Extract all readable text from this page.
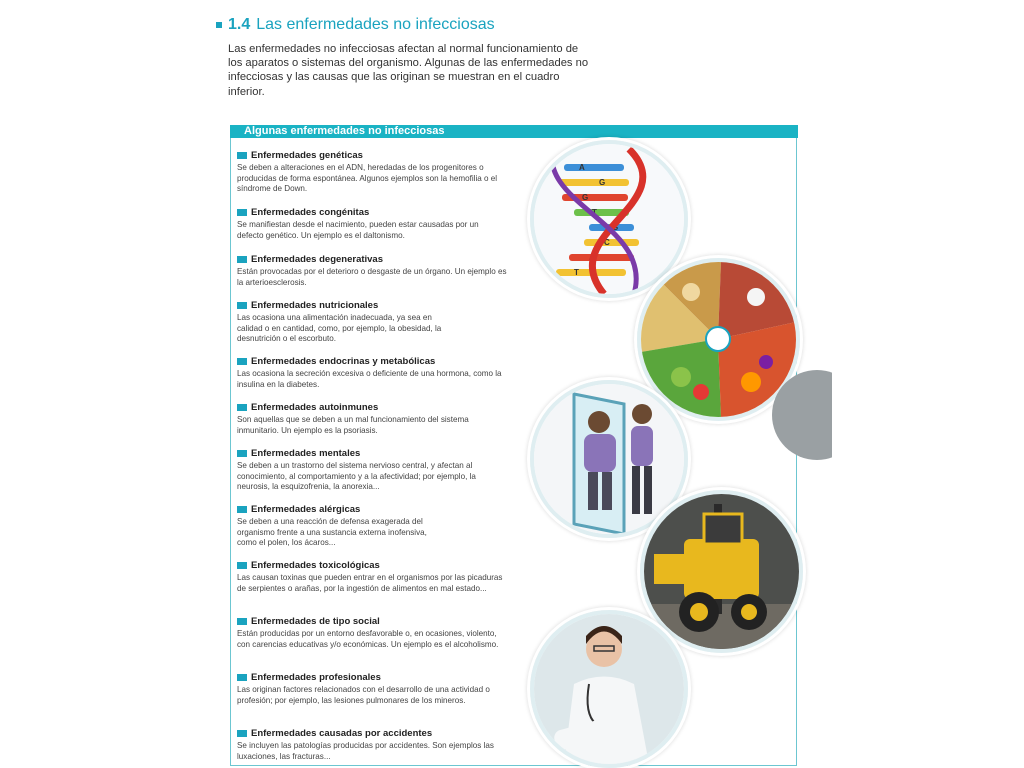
1.4 Las enfermedades no infecciosas

Las enfermedades no infecciosas afectan al normal funcionamiento de los aparatos o sistemas del organismo. Algunas de las enfermedades no infecciosas y las causas que las originan se muestran en el cuadro inferior.

Algunas enfermedades no infecciosas
Enfermedades genéticas

Se deben a alteraciones en el ADN, heredadas de los progenitores o producidas de forma espontánea. Algunos ejemplos son la hemofilia o el síndrome de Down.

Enfermedades congénitas

Se manifiestan desde el nacimiento, pueden estar causadas por un defecto genético. Un ejemplo es el daltonismo.

Enfermedades degenerativas

Están provocadas por el deterioro o desgaste de un órgano. Un ejemplo es la arterioesclerosis.

Enfermedades nutricionales

Las ocasiona una alimentación inadecuada, ya sea en calidad o en cantidad, como, por ejemplo, la obesidad, la desnutrición o el escorbuto.

Enfermedades endocrinas y metabólicas

Las ocasiona la secreción excesiva o deficiente de una hormona, como la insulina en la diabetes.

Enfermedades autoinmunes

Son aquellas que se deben a un mal funcionamiento del sistema inmunitario. Un ejemplo es la psoriasis.

Enfermedades mentales

Se deben a un trastorno del sistema nervioso central, y afectan al conocimiento, al comportamiento y a la afectividad; por ejemplo, la neurosis, la esquizofrenia, la anorexia...

Enfermedades alérgicas

Se deben a una reacción de defensa exagerada del organismo frente a una sustancia externa inofensiva, como el polen, los ácaros...

Enfermedades toxicológicas

Las causan toxinas que pueden entrar en el organismos por las picaduras de serpientes o arañas, por la ingestión de alimentos en mal estado...

Enfermedades de tipo social

Están producidas por un entorno desfavorable o, en ocasiones, violento, con carencias educativas y/o económicas. Un ejemplo es el alcoholismo.

Enfermedades profesionales

Las originan factores relacionados con el desarrollo de una actividad o profesión; por ejemplo, las lesiones pulmonares de los mineros.

Enfermedades causadas por accidentes

Se incluyen las patologías producidas por accidentes. Son ejemplos las luxaciones, las fracturas...

A
G
G
T
G
C
A
T
